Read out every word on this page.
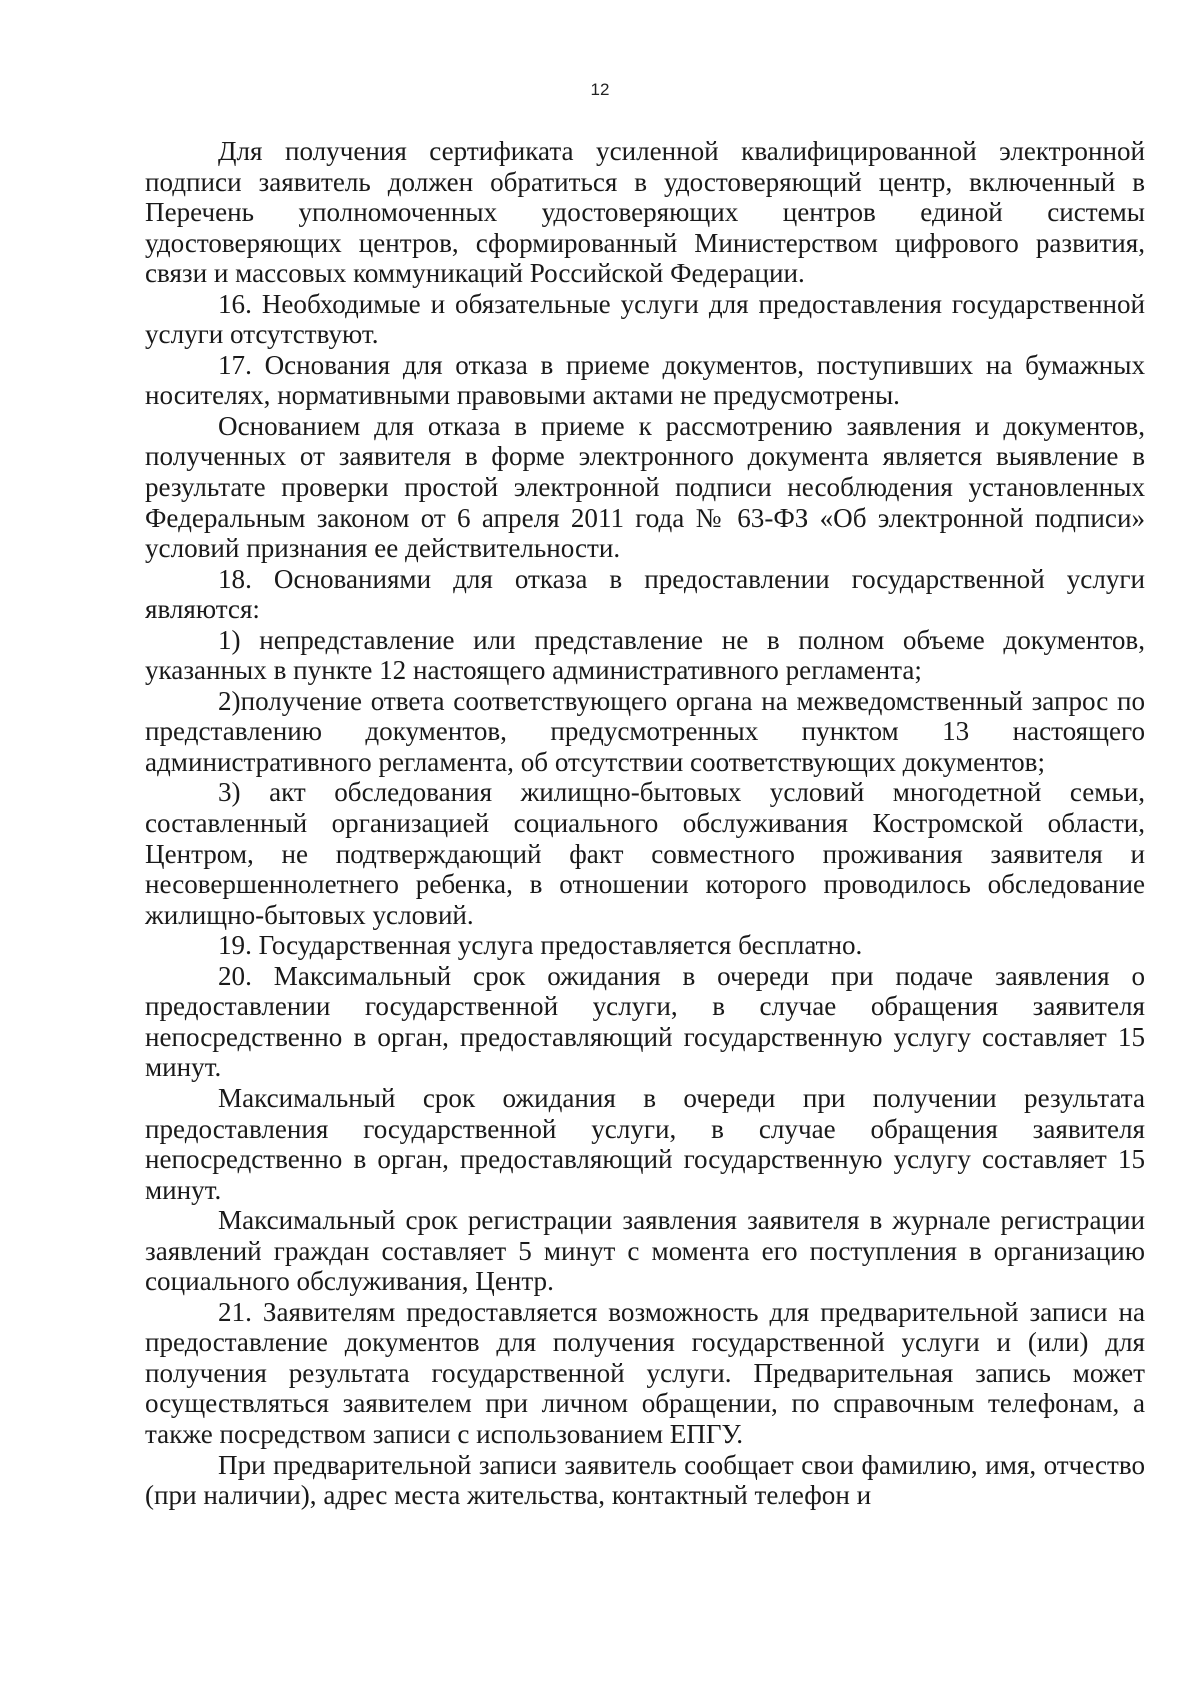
12

Для получения сертификата усиленной квалифицированной электронной подписи заявитель должен обратиться в удостоверяющий центр, включенный в Перечень уполномоченных удостоверяющих центров единой системы удостоверяющих центров, сформированный Министерством цифрового развития, связи и массовых коммуникаций Российской Федерации.

16. Необходимые и обязательные услуги для предоставления государственной услуги отсутствуют.

17. Основания для отказа в приеме документов, поступивших на бумажных носителях, нормативными правовыми актами не предусмотрены.

Основанием для отказа в приеме к рассмотрению заявления и документов, полученных от заявителя в форме электронного документа является выявление в результате проверки простой электронной подписи несоблюдения установленных Федеральным законом от 6 апреля 2011 года № 63-ФЗ «Об электронной подписи» условий признания ее действительности.

18. Основаниями для отказа в предоставлении государственной услуги являются:

1) непредставление или представление не в полном объеме документов, указанных в пункте 12 настоящего административного регламента;

2)получение ответа соответствующего органа на межведомственный запрос по представлению документов, предусмотренных пунктом 13 настоящего административного регламента, об отсутствии соответствующих документов;

3) акт обследования жилищно-бытовых условий многодетной семьи, составленный организацией социального обслуживания Костромской области, Центром, не подтверждающий факт совместного проживания заявителя и несовершеннолетнего ребенка, в отношении которого проводилось обследование жилищно-бытовых условий.

19. Государственная услуга предоставляется бесплатно.

20. Максимальный срок ожидания в очереди при подаче заявления о предоставлении государственной услуги, в случае обращения заявителя непосредственно в орган, предоставляющий государственную услугу составляет 15 минут.

Максимальный срок ожидания в очереди при получении результата предоставления государственной услуги, в случае обращения заявителя непосредственно в орган, предоставляющий государственную услугу составляет 15 минут.

Максимальный срок регистрации заявления заявителя в журнале регистрации заявлений граждан составляет 5 минут с момента его поступления в организацию социального обслуживания, Центр.

21. Заявителям предоставляется возможность для предварительной записи на предоставление документов для получения государственной услуги и (или) для получения результата государственной услуги. Предварительная запись может осуществляться заявителем при личном обращении, по справочным телефонам, а также посредством записи с использованием ЕПГУ.

При предварительной записи заявитель сообщает свои фамилию, имя, отчество (при наличии), адрес места жительства, контактный телефон и
